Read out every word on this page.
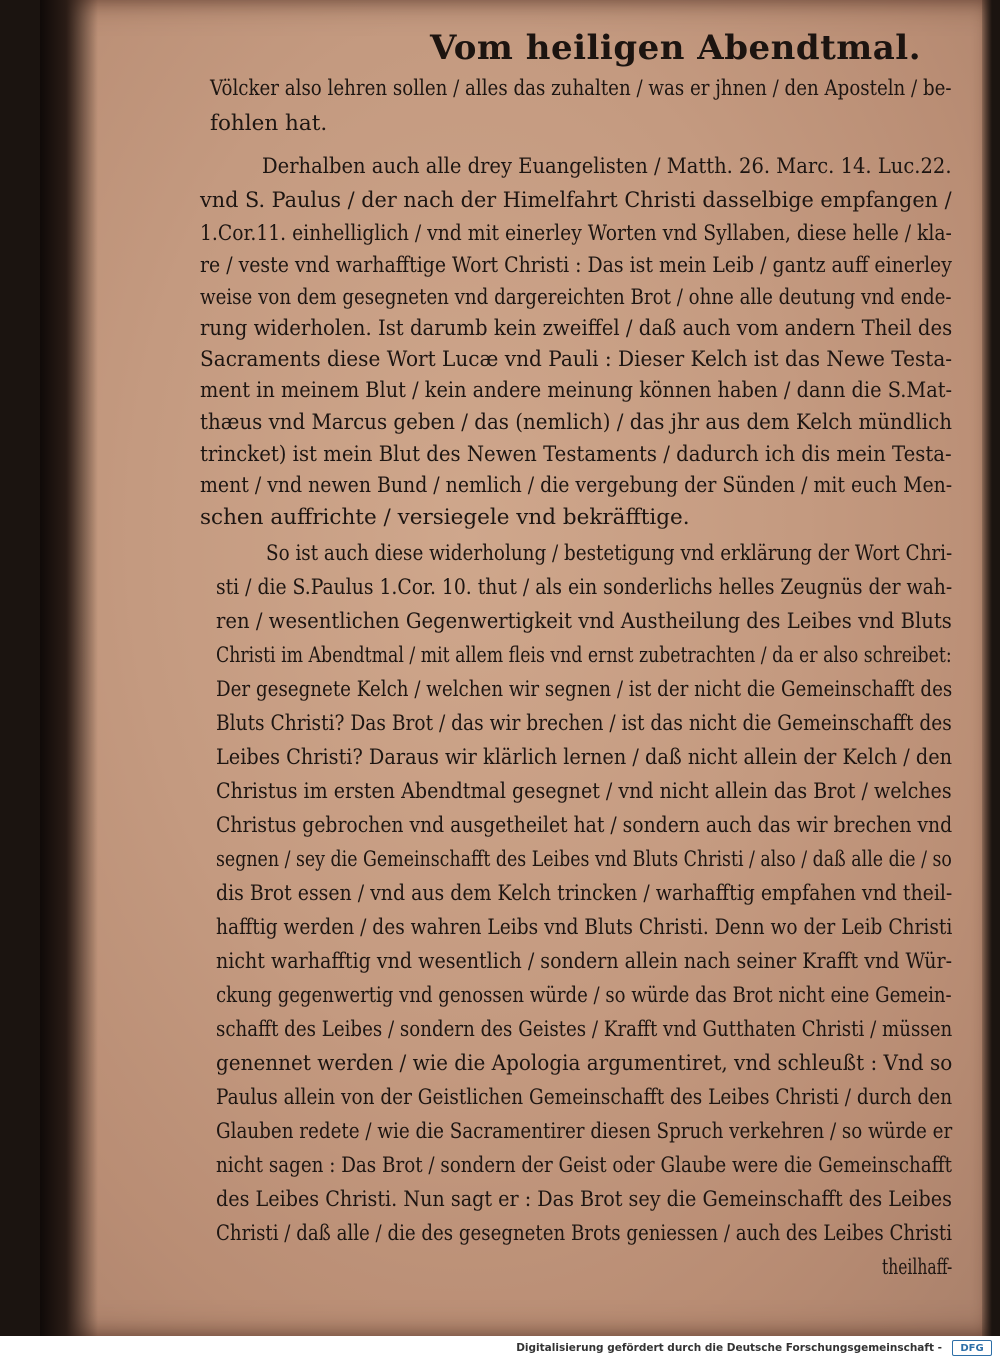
Vom heiligen Abendtmal.
Völcker also lehren sollen / alles das zuhalten / was er jhnen / den Aposteln / be-
fohlen hat.
Derhalben auch alle drey Euangelisten / Matth. 26. Marc. 14. Luc.22.
vnd S. Paulus / der nach der Himelfahrt Christi dasselbige empfangen /
1.Cor.11. einhelliglich / vnd mit einerley Worten vnd Syllaben, diese helle / kla-
re / veste vnd warhafftige Wort Christi : Das ist mein Leib / gantz auff einerley
weise von dem gesegneten vnd dargereichten Brot / ohne alle deutung vnd ende-
rung widerholen. Ist darumb kein zweiffel / daß auch vom andern Theil des
Sacraments diese Wort Lucæ vnd Pauli : Dieser Kelch ist das Newe Testa-
ment in meinem Blut / kein andere meinung können haben / dann die S.Mat-
thæus vnd Marcus geben / das (nemlich) / das jhr aus dem Kelch mündlich
trincket) ist mein Blut des Newen Testaments / dadurch ich dis mein Testa-
ment / vnd newen Bund / nemlich / die vergebung der Sünden / mit euch Men-
schen auffrichte / versiegele vnd bekräfftige.
So ist auch diese widerholung / bestetigung vnd erklärung der Wort Chri-
sti / die S.Paulus 1.Cor. 10. thut / als ein sonderlichs helles Zeugnüs der wah-
ren / wesentlichen Gegenwertigkeit vnd Austheilung des Leibes vnd Bluts
Christi im Abendtmal / mit allem fleis vnd ernst zubetrachten / da er also schreibet:
Der gesegnete Kelch / welchen wir segnen / ist der nicht die Gemeinschafft des
Bluts Christi? Das Brot / das wir brechen / ist das nicht die Gemeinschafft des
Leibes Christi? Daraus wir klärlich lernen / daß nicht allein der Kelch / den
Christus im ersten Abendtmal gesegnet / vnd nicht allein das Brot / welches
Christus gebrochen vnd ausgetheilet hat / sondern auch das wir brechen vnd
segnen / sey die Gemeinschafft des Leibes vnd Bluts Christi / also / daß alle die / so
dis Brot essen / vnd aus dem Kelch trincken / warhafftig empfahen vnd theil-
hafftig werden / des wahren Leibs vnd Bluts Christi. Denn wo der Leib Christi
nicht warhafftig vnd wesentlich / sondern allein nach seiner Krafft vnd Wür-
ckung gegenwertig vnd genossen würde / so würde das Brot nicht eine Gemein-
schafft des Leibes / sondern des Geistes / Krafft vnd Gutthaten Christi / müssen
genennet werden / wie die Apologia argumentiret, vnd schleußt : Vnd so
Paulus allein von der Geistlichen Gemeinschafft des Leibes Christi / durch den
Glauben redete / wie die Sacramentirer diesen Spruch verkehren / so würde er
nicht sagen : Das Brot / sondern der Geist oder Glaube were die Gemeinschafft
des Leibes Christi. Nun sagt er : Das Brot sey die Gemeinschafft des Leibes
Christi / daß alle / die des gesegneten Brots geniessen / auch des Leibes Christi
theilhaff-
Digitalisierung gefördert durch die Deutsche Forschungsgemeinschaft -	DFG
